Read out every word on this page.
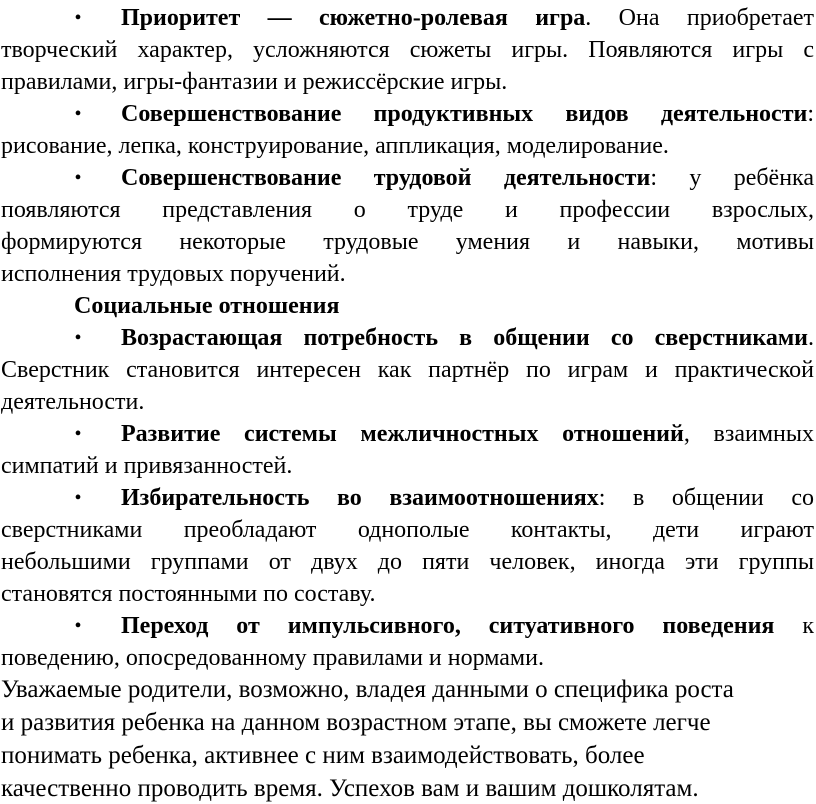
• Приоритет — сюжетно-ролевая игра. Она приобретает
творческий характер, усложняются сюжеты игры. Появляются игры с
правилами, игры-фантазии и режиссёрские игры.
• Совершенствование продуктивных видов деятельности:
рисование, лепка, конструирование, аппликация, моделирование.
• Совершенствование трудовой деятельности: у ребёнка
появляются представления о труде и профессии взрослых,
формируются некоторые трудовые умения и навыки, мотивы
исполнения трудовых поручений.
Социальные отношения
• Возрастающая потребность в общении со сверстниками.
Сверстник становится интересен как партнёр по играм и практической
деятельности.
• Развитие системы межличностных отношений, взаимных
симпатий и привязанностей.
• Избирательность во взаимоотношениях: в общении со
сверстниками преобладают однополые контакты, дети играют
небольшими группами от двух до пяти человек, иногда эти группы
становятся постоянными по составу.
• Переход от импульсивного, ситуативного поведения к
поведению, опосредованному правилами и нормами.
Уважаемые родители, возможно, владея данными о специфика роста
и развития ребенка на данном возрастном этапе, вы сможете легче
понимать ребенка, активнее с ним взаимодействовать, более
качественно проводить время. Успехов вам и вашим дошколятам.
